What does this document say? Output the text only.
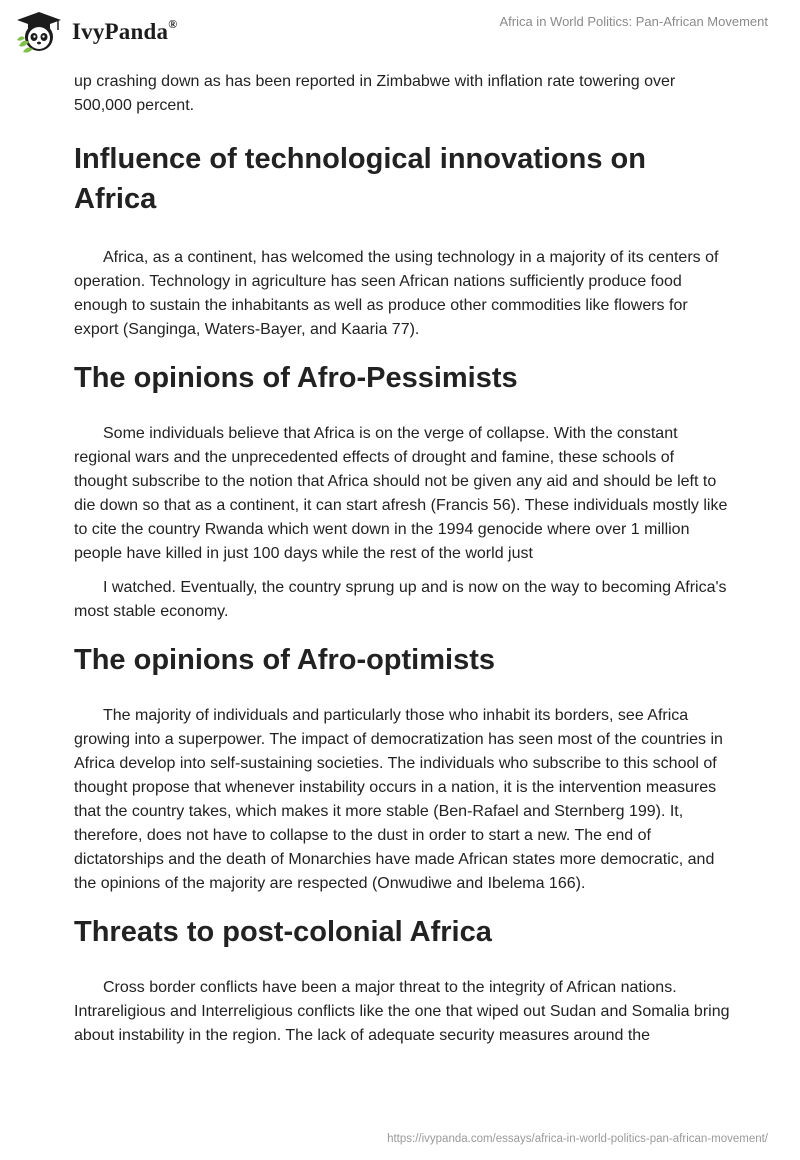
IvyPanda®	Africa in World Politics: Pan-African Movement

up crashing down as has been reported in Zimbabwe with inflation rate towering over 500,000 percent.

Influence of technological innovations on Africa

Africa, as a continent, has welcomed the using technology in a majority of its centers of operation. Technology in agriculture has seen African nations sufficiently produce food enough to sustain the inhabitants as well as produce other commodities like flowers for export (Sanginga, Waters-Bayer, and Kaaria 77).

The opinions of Afro-Pessimists

Some individuals believe that Africa is on the verge of collapse. With the constant regional wars and the unprecedented effects of drought and famine, these schools of thought subscribe to the notion that Africa should not be given any aid and should be left to die down so that as a continent, it can start afresh (Francis 56). These individuals mostly like to cite the country Rwanda which went down in the 1994 genocide where over 1 million people have killed in just 100 days while the rest of the world just

I watched. Eventually, the country sprung up and is now on the way to becoming Africa's most stable economy.

The opinions of Afro-optimists

The majority of individuals and particularly those who inhabit its borders, see Africa growing into a superpower. The impact of democratization has seen most of the countries in Africa develop into self-sustaining societies. The individuals who subscribe to this school of thought propose that whenever instability occurs in a nation, it is the intervention measures that the country takes, which makes it more stable (Ben-Rafael and Sternberg 199). It, therefore, does not have to collapse to the dust in order to start a new. The end of dictatorships and the death of Monarchies have made African states more democratic, and the opinions of the majority are respected (Onwudiwe and Ibelema 166).

Threats to post-colonial Africa

Cross border conflicts have been a major threat to the integrity of African nations. Intrareligious and Interreligious conflicts like the one that wiped out Sudan and Somalia bring about instability in the region. The lack of adequate security measures around the

https://ivypanda.com/essays/africa-in-world-politics-pan-african-movement/
